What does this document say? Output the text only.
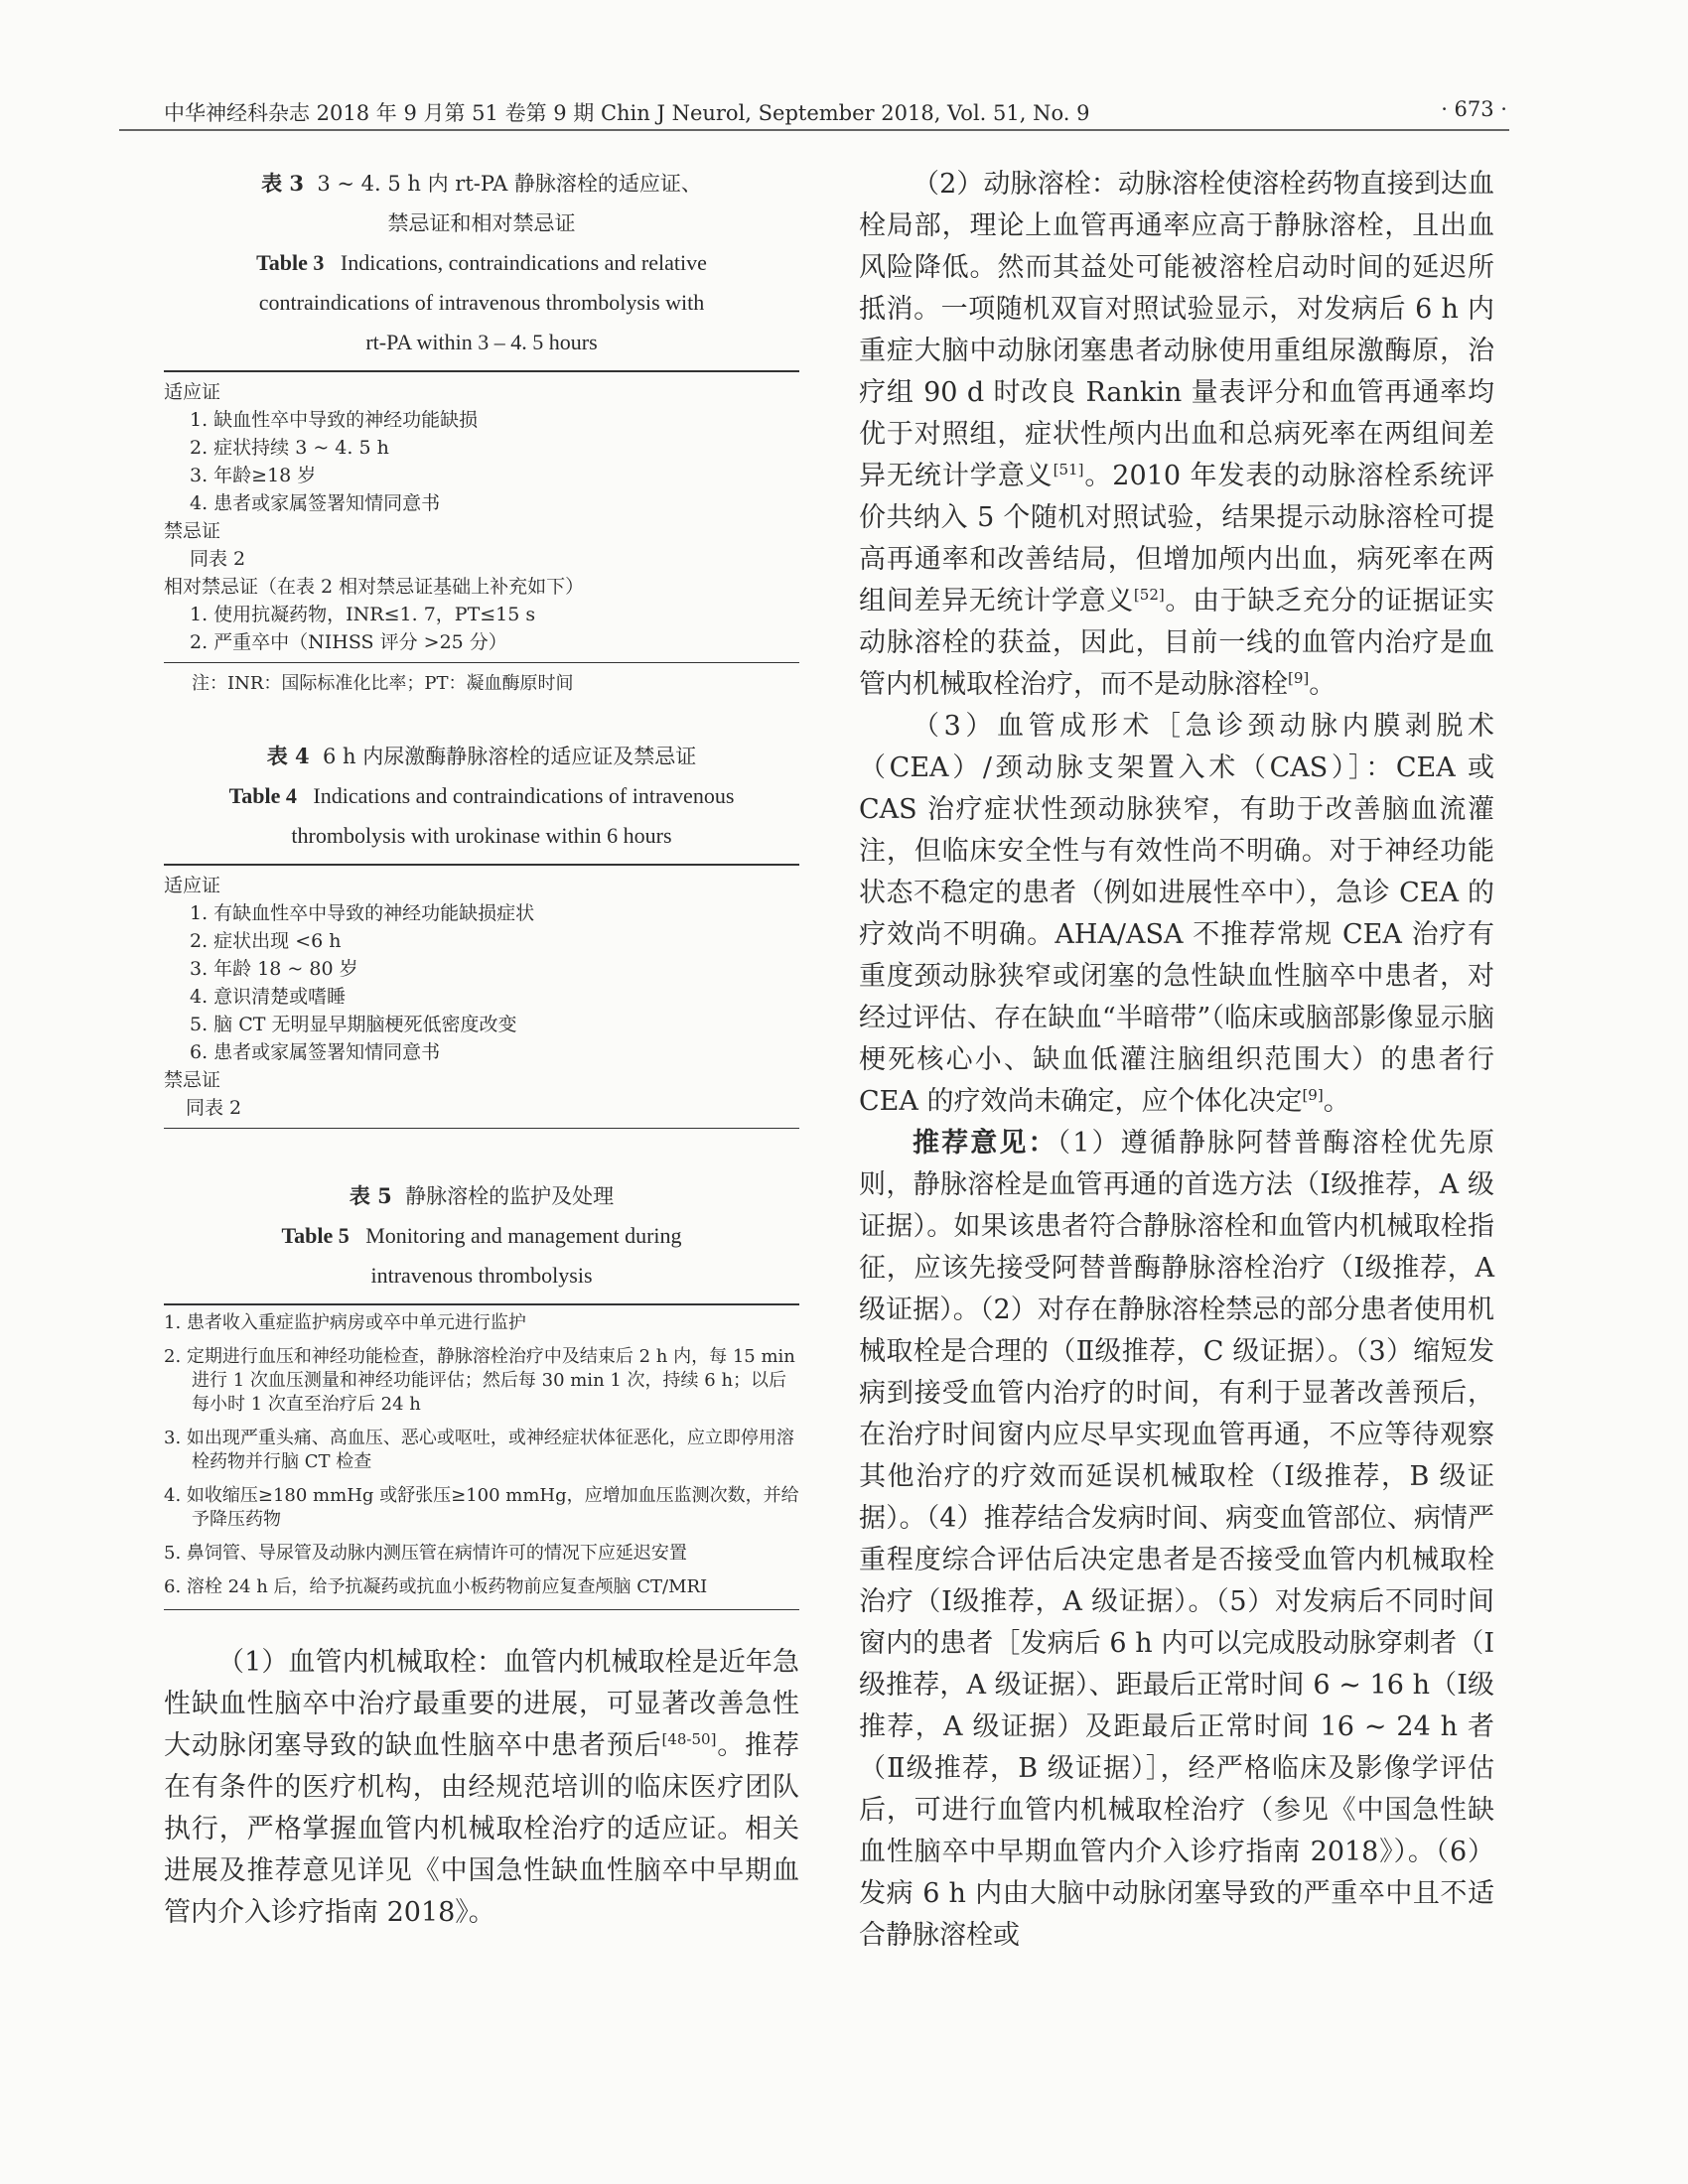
中华神经科杂志 2018 年 9 月第 51 卷第 9 期 Chin J Neurol, September 2018, Vol. 51, No. 9	· 673 ·
表 3 3 ~ 4. 5 h 内 rt-PA 静脉溶栓的适应证、
禁忌证和相对禁忌证
Table 3 Indications, contraindications and relative
contraindications of intravenous thrombolysis with
rt-PA within 3 – 4. 5 hours
适应证
1. 缺血性卒中导致的神经功能缺损
2. 症状持续 3 ~ 4. 5 h
3. 年龄≥18 岁
4. 患者或家属签署知情同意书
禁忌证
同表 2
相对禁忌证（在表 2 相对禁忌证基础上补充如下）
1. 使用抗凝药物，INR≤1. 7，PT≤15 s
2. 严重卒中（NIHSS 评分 >25 分）
注：INR：国际标准化比率；PT：凝血酶原时间
表 4 6 h 内尿激酶静脉溶栓的适应证及禁忌证
Table 4 Indications and contraindications of intravenous
thrombolysis with urokinase within 6 hours
适应证
1. 有缺血性卒中导致的神经功能缺损症状
2. 症状出现 <6 h
3. 年龄 18 ~ 80 岁
4. 意识清楚或嗜睡
5. 脑 CT 无明显早期脑梗死低密度改变
6. 患者或家属签署知情同意书
禁忌证
同表 2
表 5 静脉溶栓的监护及处理
Table 5 Monitoring and management during
intravenous thrombolysis
1. 患者收入重症监护病房或卒中单元进行监护
2. 定期进行血压和神经功能检查，静脉溶栓治疗中及结束后 2 h 内，每 15 min 进行 1 次血压测量和神经功能评估；然后每 30 min 1 次，持续 6 h；以后每小时 1 次直至治疗后 24 h
3. 如出现严重头痛、高血压、恶心或呕吐，或神经症状体征恶化，应立即停用溶栓药物并行脑 CT 检查
4. 如收缩压≥180 mmHg 或舒张压≥100 mmHg，应增加血压监测次数，并给予降压药物
5. 鼻饲管、导尿管及动脉内测压管在病情许可的情况下应延迟安置
6. 溶栓 24 h 后，给予抗凝药或抗血小板药物前应复查颅脑 CT/MRI

（1）血管内机械取栓：血管内机械取栓是近年急性缺血性脑卒中治疗最重要的进展，可显著改善急性大动脉闭塞导致的缺血性脑卒中患者预后[48-50]。推荐在有条件的医疗机构，由经规范培训的临床医疗团队执行，严格掌握血管内机械取栓治疗的适应证。相关进展及推荐意见详见《中国急性缺血性脑卒中早期血管内介入诊疗指南 2018》。

（2）动脉溶栓：动脉溶栓使溶栓药物直接到达血栓局部，理论上血管再通率应高于静脉溶栓，且出血风险降低。然而其益处可能被溶栓启动时间的延迟所抵消。一项随机双盲对照试验显示，对发病后 6 h 内重症大脑中动脉闭塞患者动脉使用重组尿激酶原，治疗组 90 d 时改良 Rankin 量表评分和血管再通率均优于对照组，症状性颅内出血和总病死率在两组间差异无统计学意义[51]。2010 年发表的动脉溶栓系统评价共纳入 5 个随机对照试验，结果提示动脉溶栓可提高再通率和改善结局，但增加颅内出血，病死率在两组间差异无统计学意义[52]。由于缺乏充分的证据证实动脉溶栓的获益，因此，目前一线的血管内治疗是血管内机械取栓治疗，而不是动脉溶栓[9]。

（3）血管成形术［急诊颈动脉内膜剥脱术（CEA）/颈动脉支架置入术（CAS）］：CEA 或 CAS 治疗症状性颈动脉狭窄，有助于改善脑血流灌注，但临床安全性与有效性尚不明确。对于神经功能状态不稳定的患者（例如进展性卒中），急诊 CEA 的疗效尚不明确。AHA/ASA 不推荐常规 CEA 治疗有重度颈动脉狭窄或闭塞的急性缺血性脑卒中患者，对经过评估、存在缺血“半暗带”（临床或脑部影像显示脑梗死核心小、缺血低灌注脑组织范围大）的患者行 CEA 的疗效尚未确定，应个体化决定[9]。

推荐意见：（1）遵循静脉阿替普酶溶栓优先原则，静脉溶栓是血管再通的首选方法（Ⅰ级推荐，A 级证据）。如果该患者符合静脉溶栓和血管内机械取栓指征，应该先接受阿替普酶静脉溶栓治疗（Ⅰ级推荐，A 级证据）。（2）对存在静脉溶栓禁忌的部分患者使用机械取栓是合理的（Ⅱ级推荐，C 级证据）。（3）缩短发病到接受血管内治疗的时间，有利于显著改善预后，在治疗时间窗内应尽早实现血管再通，不应等待观察其他治疗的疗效而延误机械取栓（Ⅰ级推荐，B 级证据）。（4）推荐结合发病时间、病变血管部位、病情严重程度综合评估后决定患者是否接受血管内机械取栓治疗（Ⅰ级推荐，A 级证据）。（5）对发病后不同时间窗内的患者［发病后 6 h 内可以完成股动脉穿刺者（Ⅰ级推荐，A 级证据）、距最后正常时间 6 ~ 16 h（Ⅰ级推荐，A 级证据）及距最后正常时间 16 ~ 24 h 者（Ⅱ级推荐，B 级证据）］，经严格临床及影像学评估后，可进行血管内机械取栓治疗（参见《中国急性缺血性脑卒中早期血管内介入诊疗指南 2018》）。（6）发病 6 h 内由大脑中动脉闭塞导致的严重卒中且不适合静脉溶栓或
